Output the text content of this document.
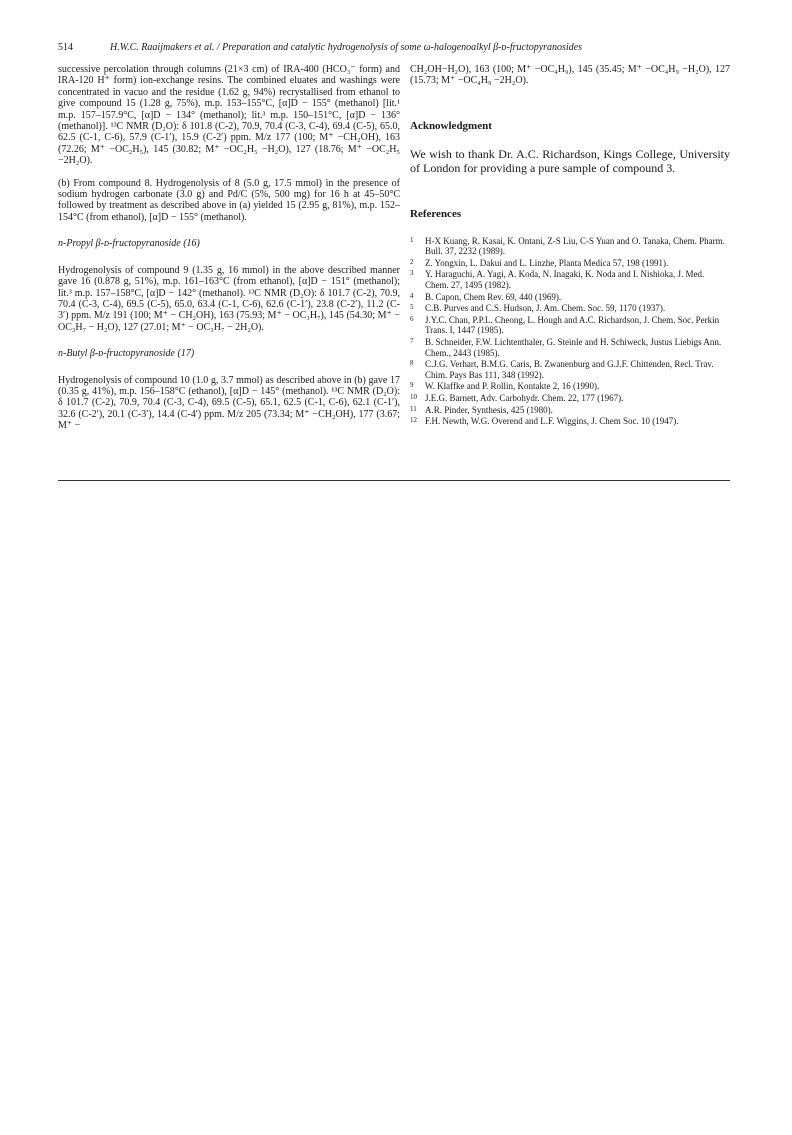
514	H.W.C. Raaijmakers et al. / Preparation and catalytic hydrogenolysis of some ω-halogenoalkyl β-ᴅ-fructopyranosides

successive percolation through columns (21×3 cm) of IRA-400 (HCO₃⁻ form) and IRA-120 H⁺ form) ion-exchange resins. The combined eluates and washings were concentrated in vacuo and the residue (1.62 g, 94%) recrystallised from ethanol to give compound 15 (1.28 g, 75%), m.p. 153–155°C, [α]D − 155° (methanol) [lit.¹ m.p. 157–157.9°C, [α]D − 134° (methanol); lit.³ m.p. 150–151°C, [α]D − 136° (methanol)]. ¹³C NMR (D₂O): δ 101.8 (C-2), 70.9, 70.4 (C-3, C-4), 69.4 (C-5), 65.0, 62.5 (C-1, C-6), 57.9 (C-1′), 15.9 (C-2′) ppm. M/z 177 (100; M⁺ −CH₂OH), 163 (72.26; M⁺ −OC₂H₅), 145 (30.82; M⁺ −OC₂H₅ −H₂O), 127 (18.76; M⁺ −OC₂H₅ −2H₂O).

(b) From compound 8. Hydrogenolysis of 8 (5.0 g, 17.5 mmol) in the presence of sodium hydrogen carbonate (3.0 g) and Pd/C (5%, 500 mg) for 16 h at 45–50°C followed by treatment as described above in (a) yielded 15 (2.95 g, 81%), m.p. 152–154°C (from ethanol), [α]D − 155° (methanol).

n-Propyl β-ᴅ-fructopyranoside (16)

Hydrogenolysis of compound 9 (1.35 g, 16 mmol) in the above described manner gave 16 (0.878 g, 51%), m.p. 161–163°C (from ethanol), [α]D − 151° (methanol); lit.³ m.p. 157–158°C, [α]D − 142° (methanol). ¹³C NMR (D₂O): δ 101.7 (C-2), 70.9, 70.4 (C-3, C-4), 69.5 (C-5), 65.0, 63.4 (C-1, C-6), 62.6 (C-1′), 23.8 (C-2′), 11.2 (C-3′) ppm. M/z 191 (100; M⁺ − CH₂OH), 163 (75.93; M⁺ − OC₃H₇), 145 (54.30; M⁺ − OC₃H₇ − H₂O), 127 (27.01; M⁺ − OC₃H₇ − 2H₂O).

n-Butyl β-ᴅ-fructopyranoside (17)

Hydrogenolysis of compound 10 (1.0 g, 3.7 mmol) as described above in (b) gave 17 (0.35 g, 41%), m.p. 156–158°C (ethanol), [α]D − 145° (methanol). ¹³C NMR (D₂O): δ 101.7 (C-2), 70.9, 70.4 (C-3, C-4), 69.5 (C-5), 65.1, 62.5 (C-1, C-6), 62.1 (C-1′), 32.6 (C-2′), 20.1 (C-3′), 14.4 (C-4′) ppm. M/z 205 (73.34; M⁺ −CH₂OH), 177 (3.67; M⁺ −

CH₂OH−H₂O), 163 (100; M⁺ −OC₄H₉), 145 (35.45; M⁺ −OC₄H₉ −H₂O), 127 (15.73; M⁺ −OC₄H₉ −2H₂O).

Acknowledgment

We wish to thank Dr. A.C. Richardson, Kings College, University of London for providing a pure sample of compound 3.

References

1 H-X Kuang, R. Kasai, K. Ontani, Z-S Liu, C-S Yuan and O. Tanaka, Chem. Pharm. Bull. 37, 2232 (1989).
2 Z. Yongxin, L. Dakui and L. Linzhe, Planta Medica 57, 198 (1991).
3 Y. Haraguchi, A. Yagi, A. Koda, N. Inagaki, K. Noda and I. Nishioka, J. Med. Chem. 27, 1495 (1982).
4 B. Capon, Chem Rev. 69, 440 (1969).
5 C.B. Purves and C.S. Hudson, J. Am. Chem. Soc. 59, 1170 (1937).
6 J.Y.C. Chan, P.P.L. Cheong, L. Hough and A.C. Richardson, J. Chem. Soc. Perkin Trans. I, 1447 (1985).
7 B. Schneider, F.W. Lichtenthaler, G. Steinle and H. Schiweck, Justus Liebigs Ann. Chem., 2443 (1985).
8 C.J.G. Verhart, B.M.G. Caris, B. Zwanenburg and G.J.F. Chittenden, Recl. Trav. Chim. Pays Bas 111, 348 (1992).
9 W. Klaffke and P. Rollin, Kontakte 2, 16 (1990).
10 J.E.G. Barnett, Adv. Carbohydr. Chem. 22, 177 (1967).
11 A.R. Pinder, Synthesis, 425 (1980).
12 F.H. Newth, W.G. Overend and L.F. Wiggins, J. Chem Soc. 10 (1947).
